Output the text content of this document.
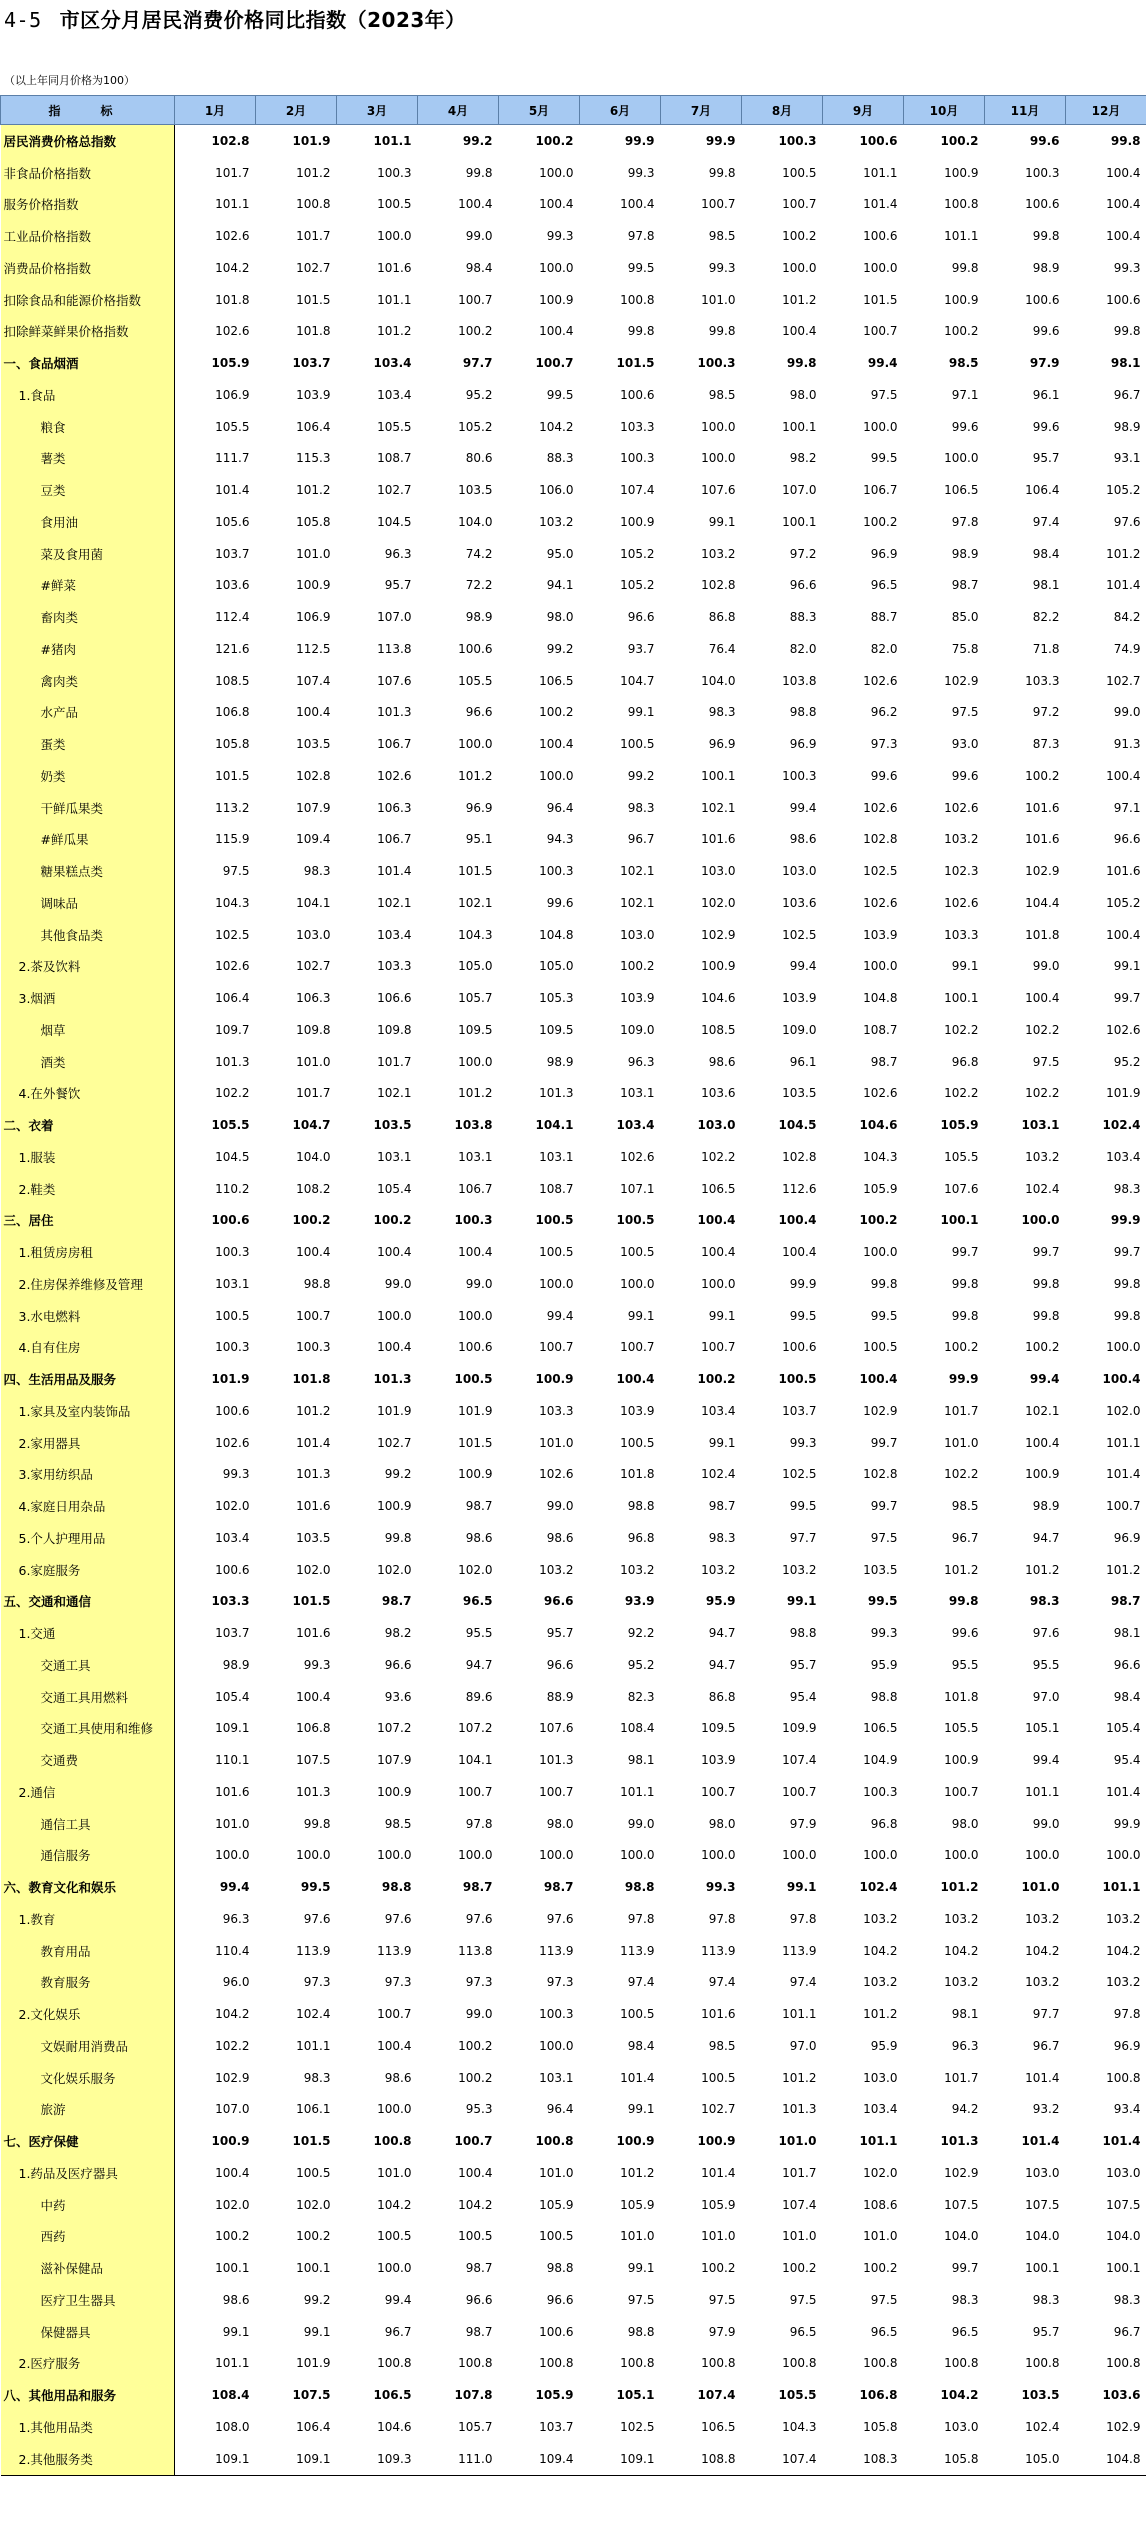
4-5 市区分月居民消费价格同比指数（2023年）
（以上年同月价格为100）
指　标	1月	2月	3月	4月	5月	6月	7月	8月	9月	10月	11月	12月
居民消费价格总指数	102.8	101.9	101.1	99.2	100.2	99.9	99.9	100.3	100.6	100.2	99.6	99.8
非食品价格指数	101.7	101.2	100.3	99.8	100.0	99.3	99.8	100.5	101.1	100.9	100.3	100.4
服务价格指数	101.1	100.8	100.5	100.4	100.4	100.4	100.7	100.7	101.4	100.8	100.6	100.4
工业品价格指数	102.6	101.7	100.0	99.0	99.3	97.8	98.5	100.2	100.6	101.1	99.8	100.4
消费品价格指数	104.2	102.7	101.6	98.4	100.0	99.5	99.3	100.0	100.0	99.8	98.9	99.3
扣除食品和能源价格指数	101.8	101.5	101.1	100.7	100.9	100.8	101.0	101.2	101.5	100.9	100.6	100.6
扣除鲜菜鲜果价格指数	102.6	101.8	101.2	100.2	100.4	99.8	99.8	100.4	100.7	100.2	99.6	99.8
一、食品烟酒	105.9	103.7	103.4	97.7	100.7	101.5	100.3	99.8	99.4	98.5	97.9	98.1
1.食品	106.9	103.9	103.4	95.2	99.5	100.6	98.5	98.0	97.5	97.1	96.1	96.7
粮食	105.5	106.4	105.5	105.2	104.2	103.3	100.0	100.1	100.0	99.6	99.6	98.9
薯类	111.7	115.3	108.7	80.6	88.3	100.3	100.0	98.2	99.5	100.0	95.7	93.1
豆类	101.4	101.2	102.7	103.5	106.0	107.4	107.6	107.0	106.7	106.5	106.4	105.2
食用油	105.6	105.8	104.5	104.0	103.2	100.9	99.1	100.1	100.2	97.8	97.4	97.6
菜及食用菌	103.7	101.0	96.3	74.2	95.0	105.2	103.2	97.2	96.9	98.9	98.4	101.2
#鲜菜	103.6	100.9	95.7	72.2	94.1	105.2	102.8	96.6	96.5	98.7	98.1	101.4
畜肉类	112.4	106.9	107.0	98.9	98.0	96.6	86.8	88.3	88.7	85.0	82.2	84.2
#猪肉	121.6	112.5	113.8	100.6	99.2	93.7	76.4	82.0	82.0	75.8	71.8	74.9
禽肉类	108.5	107.4	107.6	105.5	106.5	104.7	104.0	103.8	102.6	102.9	103.3	102.7
水产品	106.8	100.4	101.3	96.6	100.2	99.1	98.3	98.8	96.2	97.5	97.2	99.0
蛋类	105.8	103.5	106.7	100.0	100.4	100.5	96.9	96.9	97.3	93.0	87.3	91.3
奶类	101.5	102.8	102.6	101.2	100.0	99.2	100.1	100.3	99.6	99.6	100.2	100.4
干鲜瓜果类	113.2	107.9	106.3	96.9	96.4	98.3	102.1	99.4	102.6	102.6	101.6	97.1
#鲜瓜果	115.9	109.4	106.7	95.1	94.3	96.7	101.6	98.6	102.8	103.2	101.6	96.6
糖果糕点类	97.5	98.3	101.4	101.5	100.3	102.1	103.0	103.0	102.5	102.3	102.9	101.6
调味品	104.3	104.1	102.1	102.1	99.6	102.1	102.0	103.6	102.6	102.6	104.4	105.2
其他食品类	102.5	103.0	103.4	104.3	104.8	103.0	102.9	102.5	103.9	103.3	101.8	100.4
2.茶及饮料	102.6	102.7	103.3	105.0	105.0	100.2	100.9	99.4	100.0	99.1	99.0	99.1
3.烟酒	106.4	106.3	106.6	105.7	105.3	103.9	104.6	103.9	104.8	100.1	100.4	99.7
烟草	109.7	109.8	109.8	109.5	109.5	109.0	108.5	109.0	108.7	102.2	102.2	102.6
酒类	101.3	101.0	101.7	100.0	98.9	96.3	98.6	96.1	98.7	96.8	97.5	95.2
4.在外餐饮	102.2	101.7	102.1	101.2	101.3	103.1	103.6	103.5	102.6	102.2	102.2	101.9
二、衣着	105.5	104.7	103.5	103.8	104.1	103.4	103.0	104.5	104.6	105.9	103.1	102.4
1.服装	104.5	104.0	103.1	103.1	103.1	102.6	102.2	102.8	104.3	105.5	103.2	103.4
2.鞋类	110.2	108.2	105.4	106.7	108.7	107.1	106.5	112.6	105.9	107.6	102.4	98.3
三、居住	100.6	100.2	100.2	100.3	100.5	100.5	100.4	100.4	100.2	100.1	100.0	99.9
1.租赁房房租	100.3	100.4	100.4	100.4	100.5	100.5	100.4	100.4	100.0	99.7	99.7	99.7
2.住房保养维修及管理	103.1	98.8	99.0	99.0	100.0	100.0	100.0	99.9	99.8	99.8	99.8	99.8
3.水电燃料	100.5	100.7	100.0	100.0	99.4	99.1	99.1	99.5	99.5	99.8	99.8	99.8
4.自有住房	100.3	100.3	100.4	100.6	100.7	100.7	100.7	100.6	100.5	100.2	100.2	100.0
四、生活用品及服务	101.9	101.8	101.3	100.5	100.9	100.4	100.2	100.5	100.4	99.9	99.4	100.4
1.家具及室内装饰品	100.6	101.2	101.9	101.9	103.3	103.9	103.4	103.7	102.9	101.7	102.1	102.0
2.家用器具	102.6	101.4	102.7	101.5	101.0	100.5	99.1	99.3	99.7	101.0	100.4	101.1
3.家用纺织品	99.3	101.3	99.2	100.9	102.6	101.8	102.4	102.5	102.8	102.2	100.9	101.4
4.家庭日用杂品	102.0	101.6	100.9	98.7	99.0	98.8	98.7	99.5	99.7	98.5	98.9	100.7
5.个人护理用品	103.4	103.5	99.8	98.6	98.6	96.8	98.3	97.7	97.5	96.7	94.7	96.9
6.家庭服务	100.6	102.0	102.0	102.0	103.2	103.2	103.2	103.2	103.5	101.2	101.2	101.2
五、交通和通信	103.3	101.5	98.7	96.5	96.6	93.9	95.9	99.1	99.5	99.8	98.3	98.7
1.交通	103.7	101.6	98.2	95.5	95.7	92.2	94.7	98.8	99.3	99.6	97.6	98.1
交通工具	98.9	99.3	96.6	94.7	96.6	95.2	94.7	95.7	95.9	95.5	95.5	96.6
交通工具用燃料	105.4	100.4	93.6	89.6	88.9	82.3	86.8	95.4	98.8	101.8	97.0	98.4
交通工具使用和维修	109.1	106.8	107.2	107.2	107.6	108.4	109.5	109.9	106.5	105.5	105.1	105.4
交通费	110.1	107.5	107.9	104.1	101.3	98.1	103.9	107.4	104.9	100.9	99.4	95.4
2.通信	101.6	101.3	100.9	100.7	100.7	101.1	100.7	100.7	100.3	100.7	101.1	101.4
通信工具	101.0	99.8	98.5	97.8	98.0	99.0	98.0	97.9	96.8	98.0	99.0	99.9
通信服务	100.0	100.0	100.0	100.0	100.0	100.0	100.0	100.0	100.0	100.0	100.0	100.0
六、教育文化和娱乐	99.4	99.5	98.8	98.7	98.7	98.8	99.3	99.1	102.4	101.2	101.0	101.1
1.教育	96.3	97.6	97.6	97.6	97.6	97.8	97.8	97.8	103.2	103.2	103.2	103.2
教育用品	110.4	113.9	113.9	113.8	113.9	113.9	113.9	113.9	104.2	104.2	104.2	104.2
教育服务	96.0	97.3	97.3	97.3	97.3	97.4	97.4	97.4	103.2	103.2	103.2	103.2
2.文化娱乐	104.2	102.4	100.7	99.0	100.3	100.5	101.6	101.1	101.2	98.1	97.7	97.8
文娱耐用消费品	102.2	101.1	100.4	100.2	100.0	98.4	98.5	97.0	95.9	96.3	96.7	96.9
文化娱乐服务	102.9	98.3	98.6	100.2	103.1	101.4	100.5	101.2	103.0	101.7	101.4	100.8
旅游	107.0	106.1	100.0	95.3	96.4	99.1	102.7	101.3	103.4	94.2	93.2	93.4
七、医疗保健	100.9	101.5	100.8	100.7	100.8	100.9	100.9	101.0	101.1	101.3	101.4	101.4
1.药品及医疗器具	100.4	100.5	101.0	100.4	101.0	101.2	101.4	101.7	102.0	102.9	103.0	103.0
中药	102.0	102.0	104.2	104.2	105.9	105.9	105.9	107.4	108.6	107.5	107.5	107.5
西药	100.2	100.2	100.5	100.5	100.5	101.0	101.0	101.0	101.0	104.0	104.0	104.0
滋补保健品	100.1	100.1	100.0	98.7	98.8	99.1	100.2	100.2	100.2	99.7	100.1	100.1
医疗卫生器具	98.6	99.2	99.4	96.6	96.6	97.5	97.5	97.5	97.5	98.3	98.3	98.3
保健器具	99.1	99.1	96.7	98.7	100.6	98.8	97.9	96.5	96.5	96.5	95.7	96.7
2.医疗服务	101.1	101.9	100.8	100.8	100.8	100.8	100.8	100.8	100.8	100.8	100.8	100.8
八、其他用品和服务	108.4	107.5	106.5	107.8	105.9	105.1	107.4	105.5	106.8	104.2	103.5	103.6
1.其他用品类	108.0	106.4	104.6	105.7	103.7	102.5	106.5	104.3	105.8	103.0	102.4	102.9
2.其他服务类	109.1	109.1	109.3	111.0	109.4	109.1	108.8	107.4	108.3	105.8	105.0	104.8
